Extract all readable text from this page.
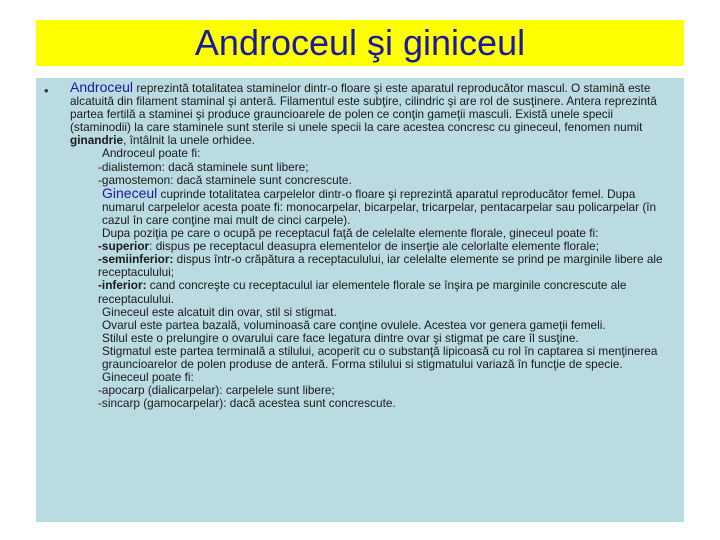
Androceul şi giniceul
• Androceul reprezintă totalitatea staminelor dintr-o floare şi este aparatul reproducător mascul. O stamină este alcatuită din filament staminal şi anteră. Filamentul este subţire, cilindric şi are rol de susţinere. Antera reprezintă partea fertilă a staminei şi produce grauncioarele de polen ce conţin gameţii masculi. Există unele specii (staminodii) la care staminele sunt sterile si unele specii la care acestea concresc cu gineceul, fenomen numit ginandrie, întâlnit la unele orhidee.

Androceul poate fi:

-dialistemon: dacă staminele sunt libere;

-gamostemon: dacă staminele sunt concrescute.

Gineceul cuprinde totalitatea carpelelor dintr-o floare şi reprezintă aparatul reproducător femel. Dupa numarul carpelelor acesta poate fi: monocarpelar, bicarpelar, tricarpelar, pentacarpelar sau policarpelar (în cazul în care conţine mai mult de cinci carpele).

Dupa poziţia pe care o ocupă pe receptacul faţă de celelalte elemente florale, gineceul poate fi:

-superior: dispus pe receptacul deasupra elementelor de inserţie ale celorlalte elemente florale;

-semiinferior: dispus într-o crăpătura a receptaculului, iar celelalte elemente se prind pe marginile libere ale receptaculului;

-inferior: cand concreşte cu receptaculul iar elementele florale se înşira pe marginile concrescute ale receptaculului.

Gineceul este alcatuit din ovar, stil si stigmat.

Ovarul este partea bazală, voluminoasă care conţine ovulele. Acestea vor genera gameţii femeli.

Stilul este o prelungire o ovarului care face legatura dintre ovar şi stigmat pe care îl susţine.

Stigmatul este partea terminală a stilului, acoperit cu o substanţă lipicoasă cu rol în captarea si menţinerea grauncioarelor de polen produse de anteră. Forma stilului si stigmatului variază în funcţie de specie.

Gineceul poate fi:

-apocarp (dialicarpelar): carpelele sunt libere;

-sincarp (gamocarpelar): dacă acestea sunt concrescute.
